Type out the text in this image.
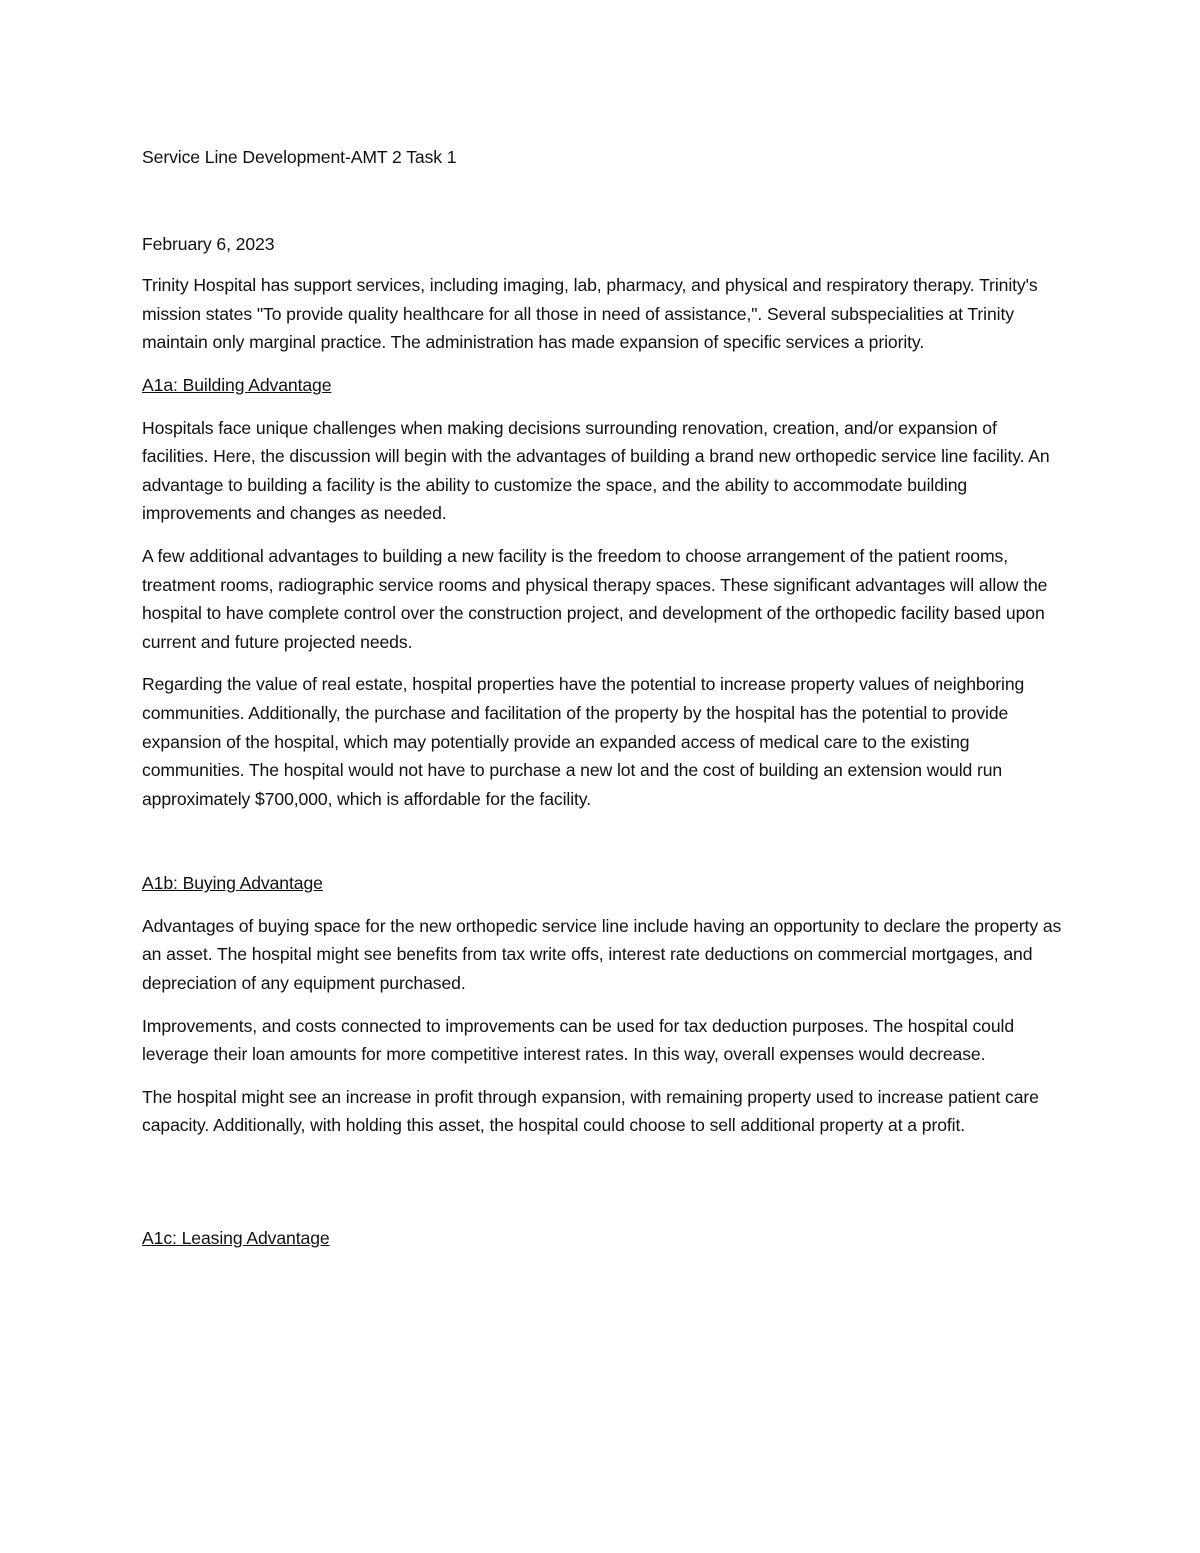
Service Line Development-AMT 2 Task 1
February 6, 2023

Trinity Hospital has support services, including imaging, lab, pharmacy, and physical and respiratory therapy. Trinity's mission states "To provide quality healthcare for all those in need of assistance,". Several subspecialities at Trinity maintain only marginal practice. The administration has made expansion of specific services a priority.

A1a: Building Advantage

Hospitals face unique challenges when making decisions surrounding renovation, creation, and/or expansion of facilities. Here, the discussion will begin with the advantages of building a brand new orthopedic service line facility. An advantage to building a facility is the ability to customize the space, and the ability to accommodate building improvements and changes as needed.

A few additional advantages to building a new facility is the freedom to choose arrangement of the patient rooms, treatment rooms, radiographic service rooms and physical therapy spaces. These significant advantages will allow the hospital to have complete control over the construction project, and development of the orthopedic facility based upon current and future projected needs.

Regarding the value of real estate, hospital properties have the potential to increase property values of neighboring communities. Additionally, the purchase and facilitation of the property by the hospital has the potential to provide expansion of the hospital, which may potentially provide an expanded access of medical care to the existing communities. The hospital would not have to purchase a new lot and the cost of building an extension would run approximately $700,000, which is affordable for the facility.

A1b: Buying Advantage

Advantages of buying space for the new orthopedic service line include having an opportunity to declare the property as an asset. The hospital might see benefits from tax write offs, interest rate deductions on commercial mortgages, and depreciation of any equipment purchased.

Improvements, and costs connected to improvements can be used for tax deduction purposes. The hospital could leverage their loan amounts for more competitive interest rates. In this way, overall expenses would decrease.

The hospital might see an increase in profit through expansion, with remaining property used to increase patient care capacity. Additionally, with holding this asset, the hospital could choose to sell additional property at a profit.

A1c: Leasing Advantage
